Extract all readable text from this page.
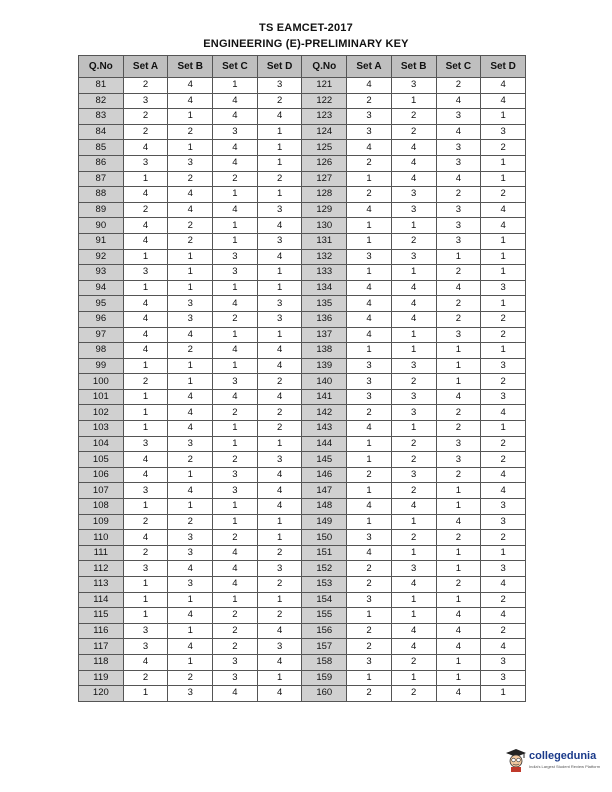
TS EAMCET-2017
ENGINEERING (E)-PRELIMINARY KEY
Q.No	Set A	Set B	Set C	Set D	Q.No	Set A	Set B	Set C	Set D
81	2	4	1	3	121	4	3	2	4
82	3	4	4	2	122	2	1	4	4
83	2	1	4	4	123	3	2	3	1
84	2	2	3	1	124	3	2	4	3
85	4	1	4	1	125	4	4	3	2
86	3	3	4	1	126	2	4	3	1
87	1	2	2	2	127	1	4	4	1
88	4	4	1	1	128	2	3	2	2
89	2	4	4	3	129	4	3	3	4
90	4	2	1	4	130	1	1	3	4
91	4	2	1	3	131	1	2	3	1
92	1	1	3	4	132	3	3	1	1
93	3	1	3	1	133	1	1	2	1
94	1	1	1	1	134	4	4	4	3
95	4	3	4	3	135	4	4	2	1
96	4	3	2	3	136	4	4	2	2
97	4	4	1	1	137	4	1	3	2
98	4	2	4	4	138	1	1	1	1
99	1	1	1	4	139	3	3	1	3
100	2	1	3	2	140	3	2	1	2
101	1	4	4	4	141	3	3	4	3
102	1	4	2	2	142	2	3	2	4
103	1	4	1	2	143	4	1	2	1
104	3	3	1	1	144	1	2	3	2
105	4	2	2	3	145	1	2	3	2
106	4	1	3	4	146	2	3	2	4
107	3	4	3	4	147	1	2	1	4
108	1	1	1	4	148	4	4	1	3
109	2	2	1	1	149	1	1	4	3
110	4	3	2	1	150	3	2	2	2
111	2	3	4	2	151	4	1	1	1
112	3	4	4	3	152	2	3	1	3
113	1	3	4	2	153	2	4	2	4
114	1	1	1	1	154	3	1	1	2
115	1	4	2	2	155	1	1	4	4
116	3	1	2	4	156	2	4	4	2
117	3	4	2	3	157	2	4	4	4
118	4	1	3	4	158	3	2	1	3
119	2	2	3	1	159	1	1	1	3
120	1	3	4	4	160	2	2	4	1
collegedunia
India's Largest Student Review Platform
